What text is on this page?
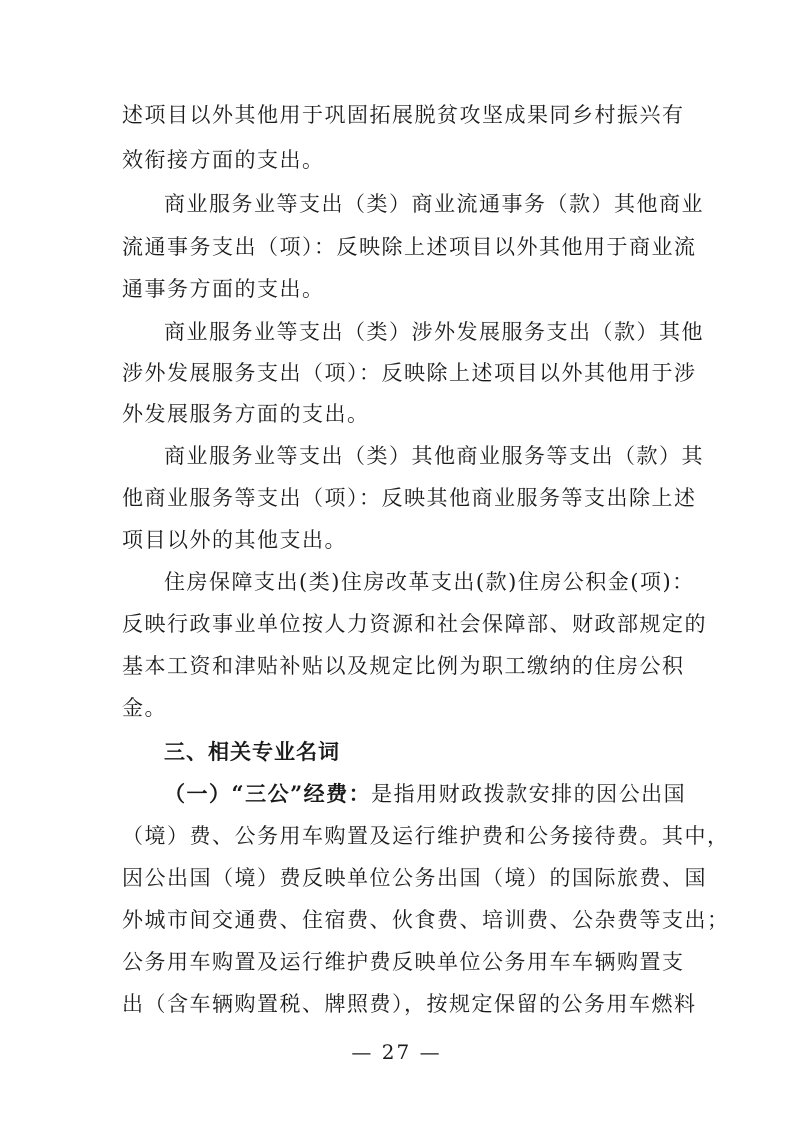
述项目以外其他用于巩固拓展脱贫攻坚成果同乡村振兴有
效衔接方面的支出。
商业服务业等支出（类）商业流通事务（款）其他商业
流通事务支出（项）：反映除上述项目以外其他用于商业流
通事务方面的支出。
商业服务业等支出（类）涉外发展服务支出（款）其他
涉外发展服务支出（项）：反映除上述项目以外其他用于涉
外发展服务方面的支出。
商业服务业等支出（类）其他商业服务等支出（款）其
他商业服务等支出（项）：反映其他商业服务等支出除上述
项目以外的其他支出。
住房保障支出(类)住房改革支出(款)住房公积金(项)：
反映行政事业单位按人力资源和社会保障部、财政部规定的
基本工资和津贴补贴以及规定比例为职工缴纳的住房公积
金。
三、相关专业名词
（一）“三公”经费：是指用财政拨款安排的因公出国
（境）费、公务用车购置及运行维护费和公务接待费。其中，
因公出国（境）费反映单位公务出国（境）的国际旅费、国
外城市间交通费、住宿费、伙食费、培训费、公杂费等支出；
公务用车购置及运行维护费反映单位公务用车车辆购置支
出（含车辆购置税、牌照费），按规定保留的公务用车燃料
— 27 —
